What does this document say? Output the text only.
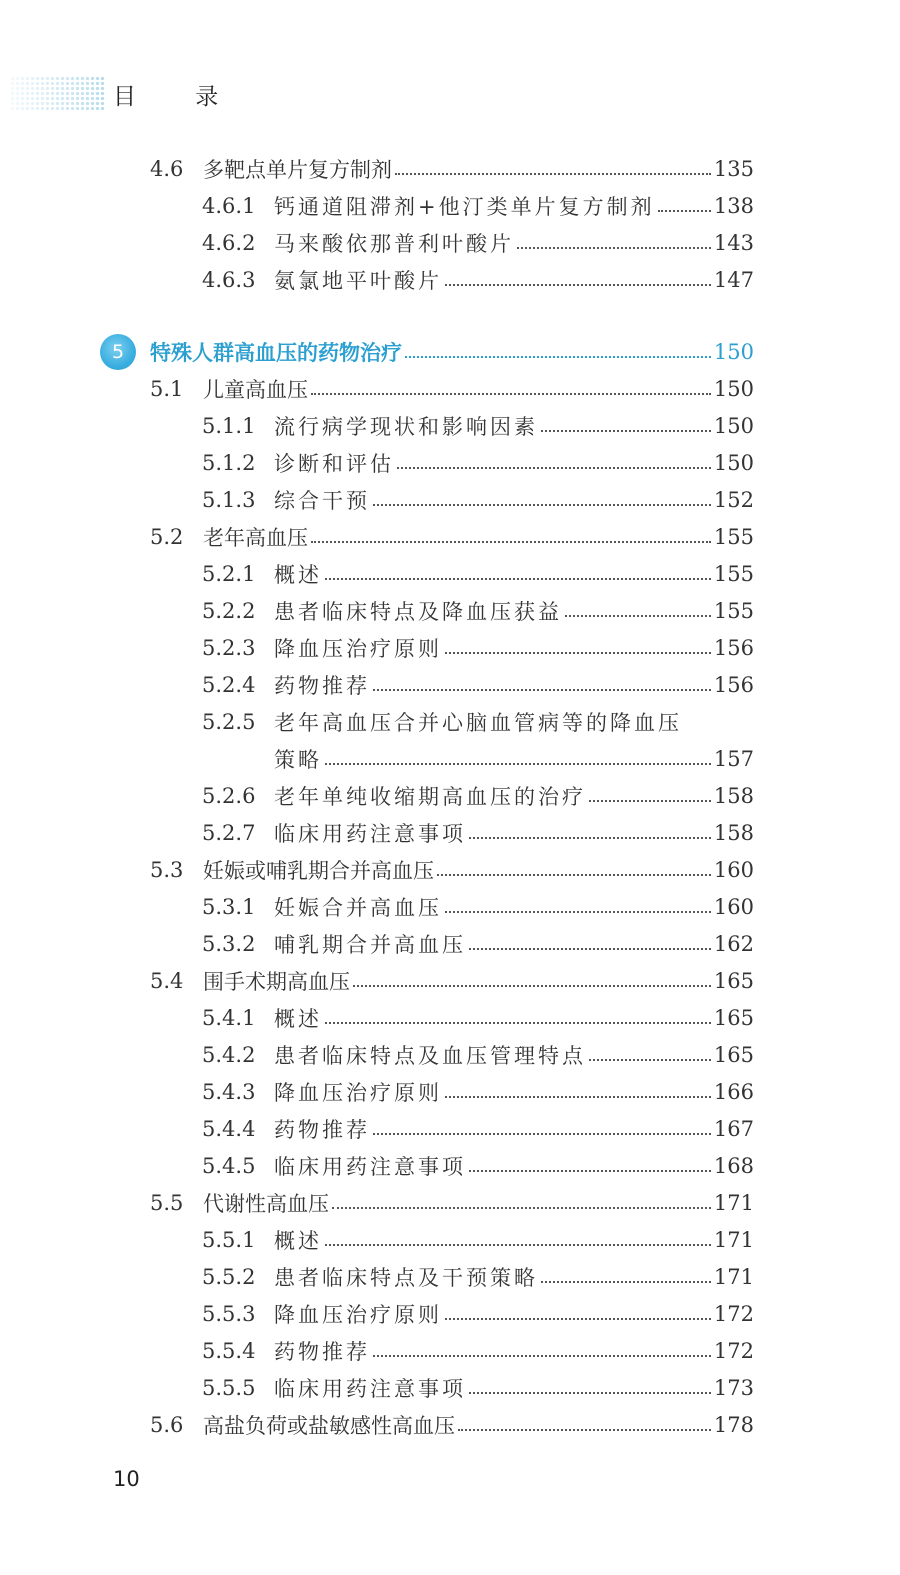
目 录
4.6 多靶点单片复方制剂	135
4.6.1 钙通道阻滞剂+他汀类单片复方制剂	138
4.6.2 马来酸依那普利叶酸片	143
4.6.3 氨氯地平叶酸片	147
5	特殊人群高血压的药物治疗	150
5.1 儿童高血压	150
5.1.1 流行病学现状和影响因素	150
5.1.2 诊断和评估	150
5.1.3 综合干预	152
5.2 老年高血压	155
5.2.1 概述	155
5.2.2 患者临床特点及降血压获益	155
5.2.3 降血压治疗原则	156
5.2.4 药物推荐	156
5.2.5 老年高血压合并心脑血管病等的降血压
策略	157
5.2.6 老年单纯收缩期高血压的治疗	158
5.2.7 临床用药注意事项	158
5.3 妊娠或哺乳期合并高血压	160
5.3.1 妊娠合并高血压	160
5.3.2 哺乳期合并高血压	162
5.4 围手术期高血压	165
5.4.1 概述	165
5.4.2 患者临床特点及血压管理特点	165
5.4.3 降血压治疗原则	166
5.4.4 药物推荐	167
5.4.5 临床用药注意事项	168
5.5 代谢性高血压	171
5.5.1 概述	171
5.5.2 患者临床特点及干预策略	171
5.5.3 降血压治疗原则	172
5.5.4 药物推荐	172
5.5.5 临床用药注意事项	173
5.6 高盐负荷或盐敏感性高血压	178
10
